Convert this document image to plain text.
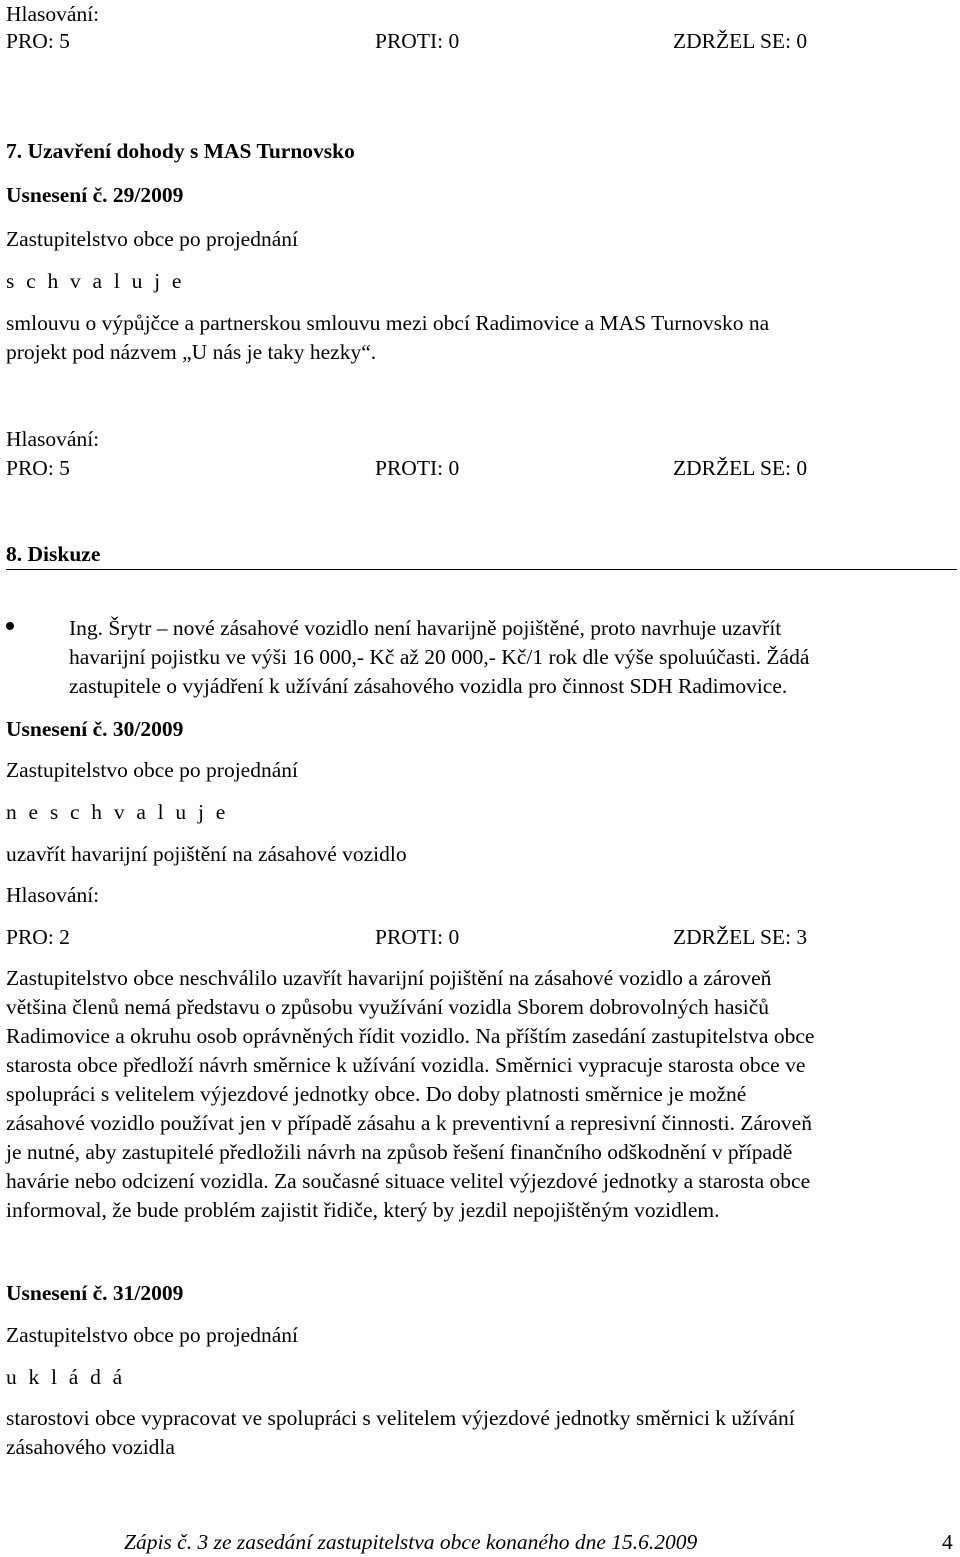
Hlasování:
PRO: 5	PROTI: 0	ZDRŽEL SE: 0
7. Uzavření dohody s MAS Turnovsko
Usnesení č. 29/2009
Zastupitelstvo obce po projednání
s c h v a l u j e
smlouvu o výpůjčce a partnerskou smlouvu mezi obcí Radimovice a MAS Turnovsko na
projekt pod názvem „U nás je taky hezky“.
Hlasování:
PRO: 5	PROTI: 0	ZDRŽEL SE: 0
8. Diskuze
Ing. Šrytr – nové zásahové vozidlo není havarijně pojištěné, proto navrhuje uzavřít
havarijní pojistku ve výši 16 000,- Kč až 20 000,- Kč/1 rok dle výše spoluúčasti. Žádá
zastupitele o vyjádření k užívání zásahového vozidla pro činnost SDH Radimovice.
Usnesení č. 30/2009
Zastupitelstvo obce po projednání
n e s c h v a l u j e
uzavřít havarijní pojištění na zásahové vozidlo
Hlasování:
PRO: 2	PROTI: 0	ZDRŽEL SE: 3
Zastupitelstvo obce neschválilo uzavřít havarijní pojištění na zásahové vozidlo a zároveň
většina členů nemá představu o způsobu využívání vozidla Sborem dobrovolných hasičů
Radimovice a okruhu osob oprávněných řídit vozidlo. Na příštím zasedání zastupitelstva obce
starosta obce předloží návrh směrnice k užívání vozidla. Směrnici vypracuje starosta obce ve
spolupráci s velitelem výjezdové jednotky obce. Do doby platnosti směrnice je možné
zásahové vozidlo používat jen v případě zásahu a k preventivní a represivní činnosti. Zároveň
je nutné, aby zastupitelé předložili návrh na způsob řešení finančního odškodnění v případě
havárie nebo odcizení vozidla. Za současné situace velitel výjezdové jednotky a starosta obce
informoval, že bude problém zajistit řidiče, který by jezdil nepojištěným vozidlem.
Usnesení č. 31/2009
Zastupitelstvo obce po projednání
u k l á d á
starostovi obce vypracovat ve spolupráci s velitelem výjezdové jednotky směrnici k užívání
zásahového vozidla
Zápis č. 3 ze zasedání zastupitelstva obce konaného dne 15.6.2009	4
